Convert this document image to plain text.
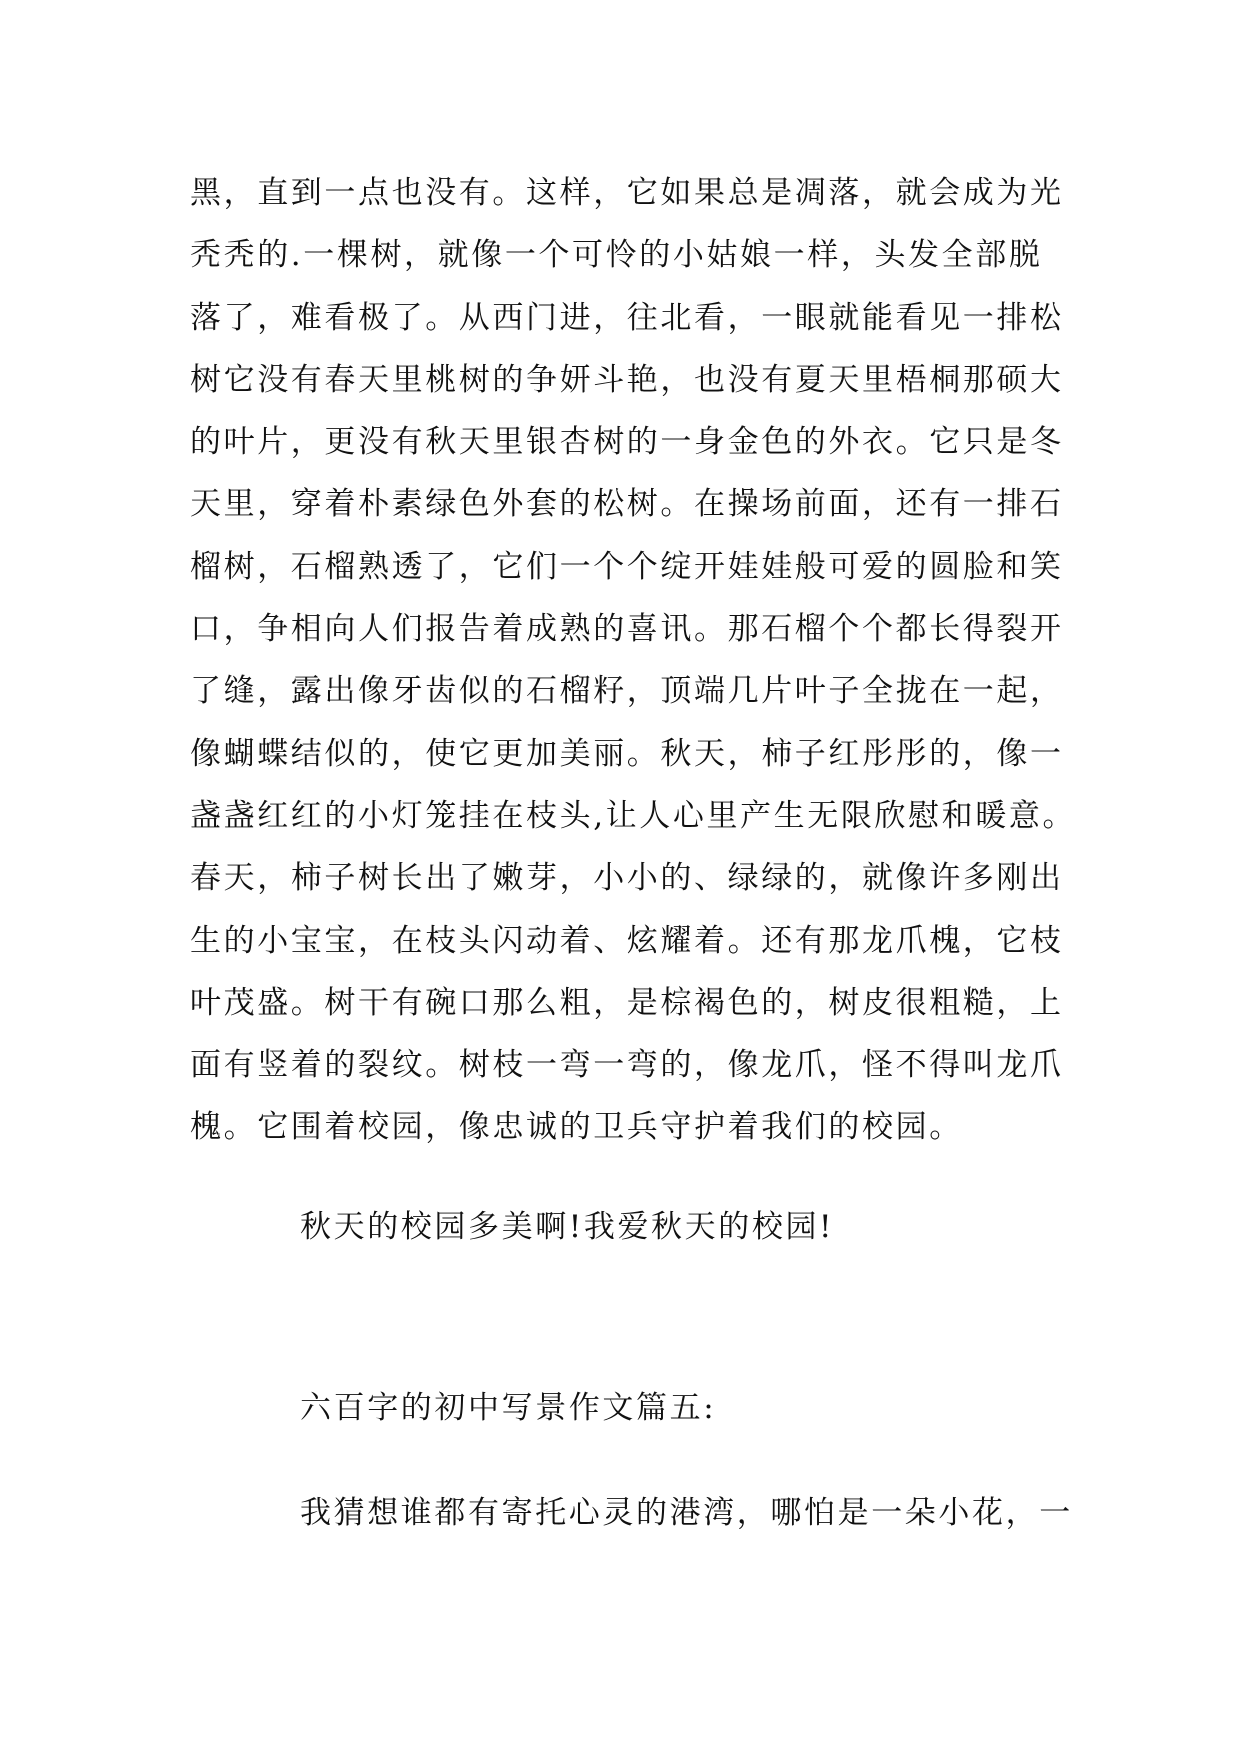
黑，直到一点也没有。这样，它如果总是凋落，就会成为光

秃秃的.一棵树，就像一个可怜的小姑娘一样，头发全部脱

落了，难看极了。从西门进，往北看，一眼就能看见一排松

树它没有春天里桃树的争妍斗艳，也没有夏天里梧桐那硕大

的叶片，更没有秋天里银杏树的一身金色的外衣。它只是冬

天里，穿着朴素绿色外套的松树。在操场前面，还有一排石

榴树，石榴熟透了，它们一个个绽开娃娃般可爱的圆脸和笑

口，争相向人们报告着成熟的喜讯。那石榴个个都长得裂开

了缝，露出像牙齿似的石榴籽，顶端几片叶子全拢在一起，

像蝴蝶结似的，使它更加美丽。秋天，柿子红彤彤的，像一

盏盏红红的小灯笼挂在枝头,让人心里产生无限欣慰和暖意。

春天，柿子树长出了嫩芽，小小的、绿绿的，就像许多刚出

生的小宝宝，在枝头闪动着、炫耀着。还有那龙爪槐，它枝

叶茂盛。树干有碗口那么粗，是棕褐色的，树皮很粗糙，上

面有竖着的裂纹。树枝一弯一弯的，像龙爪，怪不得叫龙爪

槐。它围着校园，像忠诚的卫兵守护着我们的校园。

秋天的校园多美啊!我爱秋天的校园!

六百字的初中写景作文篇五:

我猜想谁都有寄托心灵的港湾，哪怕是一朵小花，一
